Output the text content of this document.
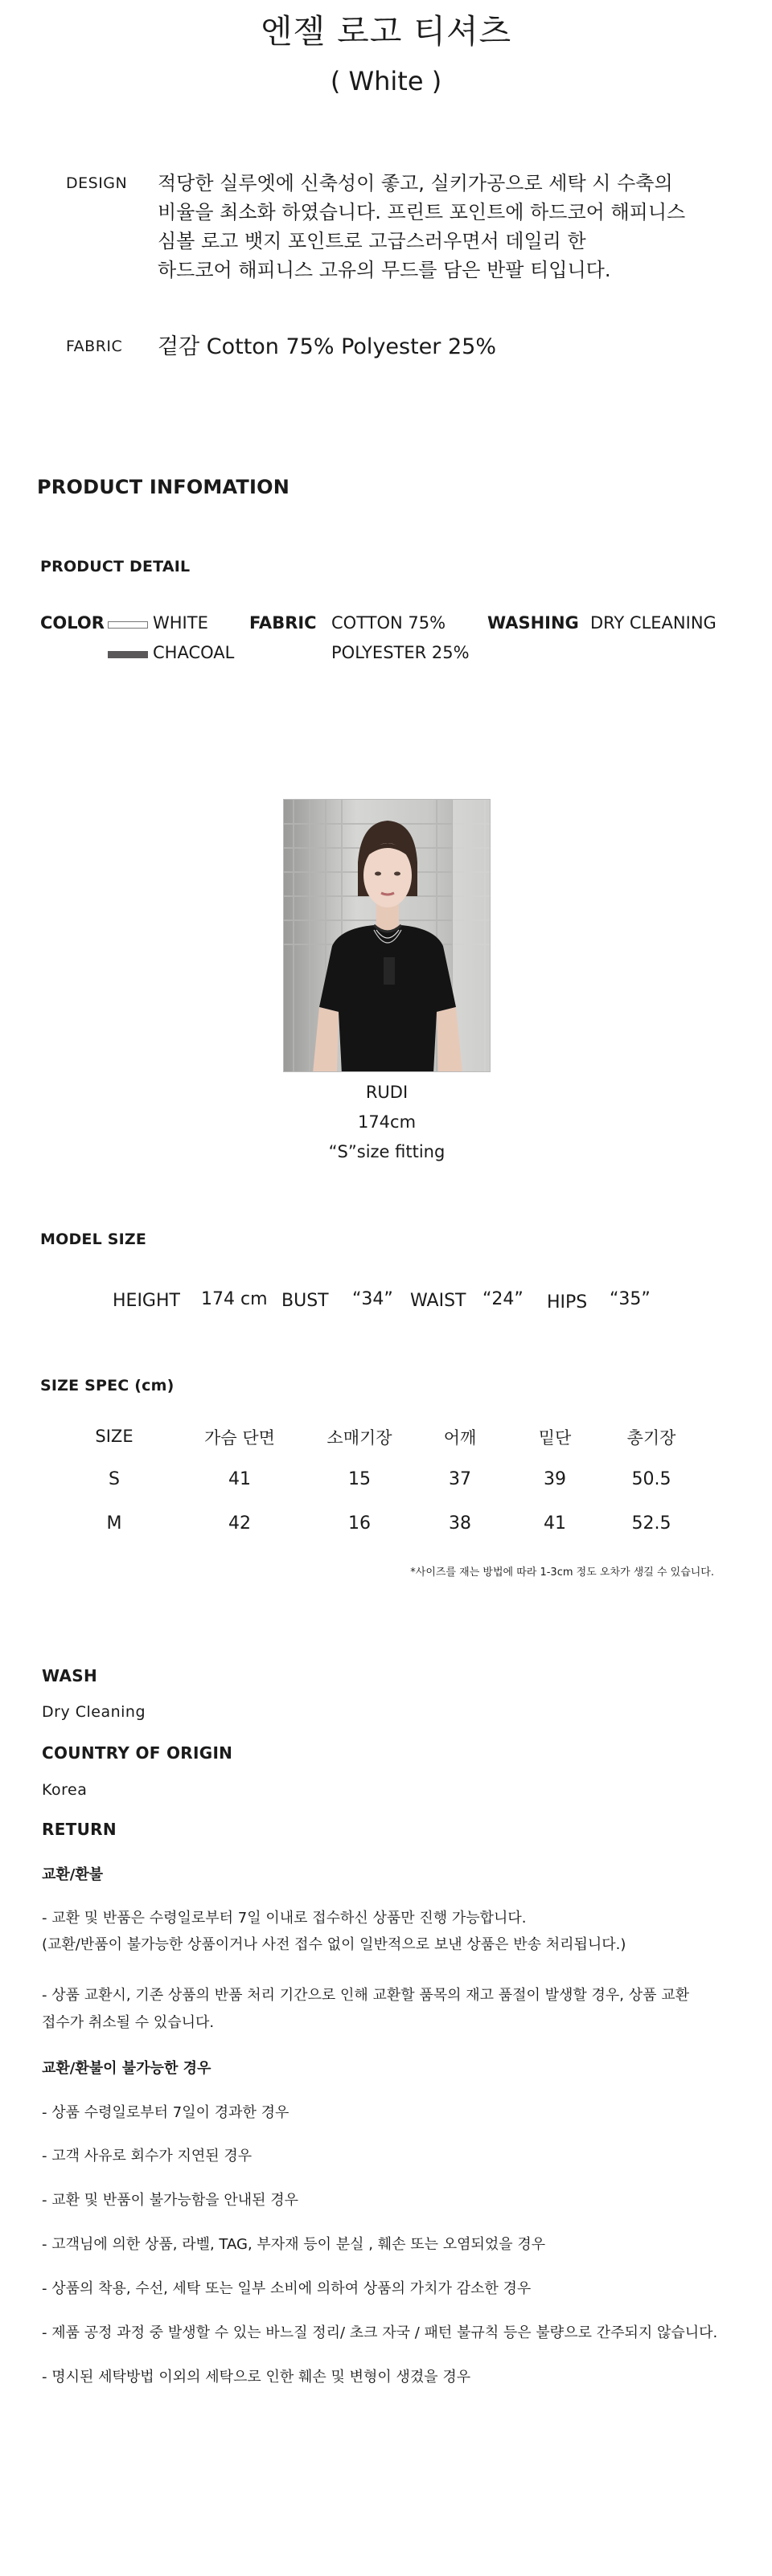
엔젤 로고 티셔츠
( White )
DESIGN 적당한 실루엣에 신축성이 좋고, 실키가공으로 세탁 시 수축의
비율을 최소화 하였습니다. 프린트 포인트에 하드코어 해피니스
심볼 로고 뱃지 포인트로 고급스러우면서 데일리 한
하드코어 해피니스 고유의 무드를 담은 반팔 티입니다.
FABRIC 겉감 Cotton 75% Polyester 25%
PRODUCT INFOMATION
PRODUCT DETAIL
COLOR	WHITE
CHACOAL
FABRIC COTTON 75%
POLYESTER 25%
WASHING DRY CLEANING
RUDI
174cm
“S”size fitting
MODEL SIZE
HEIGHT 174 cm BUST “34” WAIST “24” HIPS “35”
SIZE SPEC (cm)
SIZE	가슴 단면	소매기장	어깨	밑단	총기장
S	41	15	37	39	50.5
M	42	16	38	41	52.5
*사이즈를 재는 방법에 따라 1-3cm 정도 오차가 생길 수 있습니다.
WASH
Dry Cleaning
COUNTRY OF ORIGIN
Korea
RETURN
교환/환불
- 교환 및 반품은 수령일로부터 7일 이내로 접수하신 상품만 진행 가능합니다.
(교환/반품이 불가능한 상품이거나 사전 접수 없이 일반적으로 보낸 상품은 반송 처리됩니다.)
- 상품 교환시, 기존 상품의 반품 처리 기간으로 인해 교환할 품목의 재고 품절이 발생할 경우, 상품 교환
접수가 취소될 수 있습니다.
교환/환불이 불가능한 경우
- 상품 수령일로부터 7일이 경과한 경우
- 고객 사유로 회수가 지연된 경우
- 교환 및 반품이 불가능함을 안내된 경우
- 고객님에 의한 상품, 라벨, TAG, 부자재 등이 분실 , 훼손 또는 오염되었을 경우
- 상품의 착용, 수선, 세탁 또는 일부 소비에 의하여 상품의 가치가 감소한 경우
- 제품 공정 과정 중 발생할 수 있는 바느질 정리/ 초크 자국 / 패턴 불규칙 등은 불량으로 간주되지 않습니다.
- 명시된 세탁방법 이외의 세탁으로 인한 훼손 및 변형이 생겼을 경우
